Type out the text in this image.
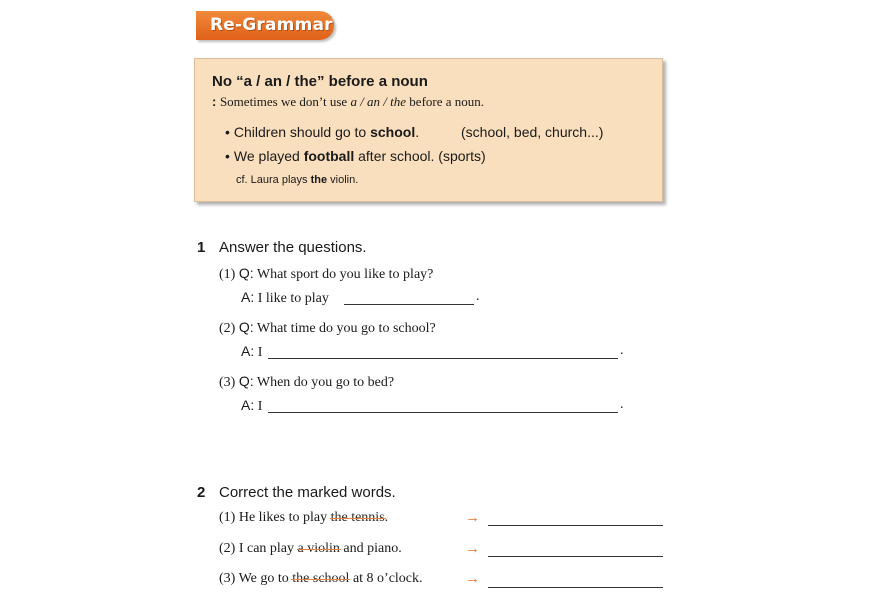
Re-Grammar
No “a / an / the” before a noun
: Sometimes we don’t use a / an / the before a noun.
• Children should go to school.	(school, bed, church...)
• We played football after school. (sports)
cf. Laura plays the violin.
1 Answer the questions.
(1) Q: What sport do you like to play?
A: I like to play	.
(2) Q: What time do you go to school?
A: I	.
(3) Q: When do you go to bed?
A: I	.
2 Correct the marked words.
(1) He likes to play the tennis.	→
(2) I can play a violin and piano.	→
(3) We go to the school at 8 o’clock.	→
